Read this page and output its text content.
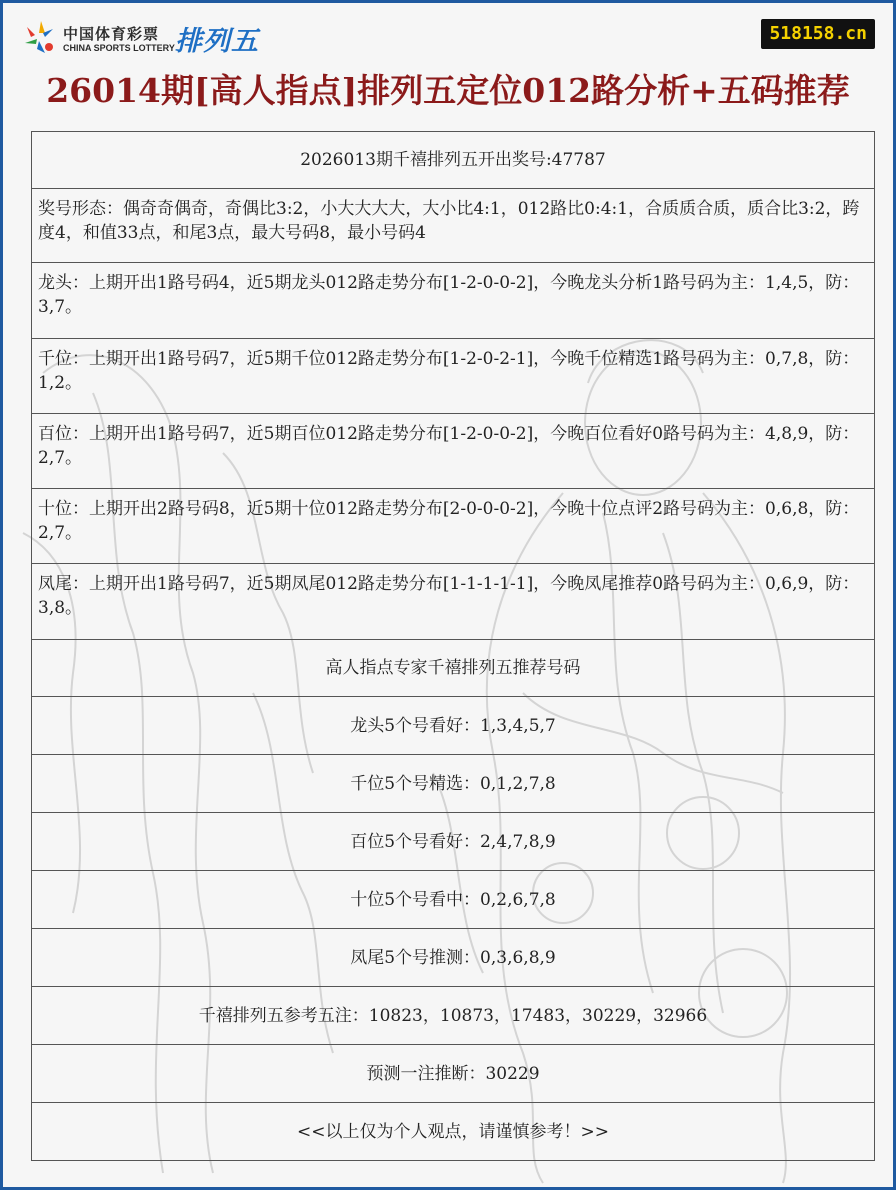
中国体育彩票
CHINA SPORTS LOTTERY 排列五	518158.cn
26014期[高人指点]排列五定位012路分析+五码推荐
2026013期千禧排列五开出奖号:47787
奖号形态：偶奇奇偶奇，奇偶比3:2，小大大大大，大小比4:1，012路比0:4:1，合质质合质，质合比3:2，跨度4，和值33点，和尾3点，最大号码8，最小号码4
龙头：上期开出1路号码4，近5期龙头012路走势分布[1-2-0-0-2]，今晚龙头分析1路号码为主：1,4,5，防：3,7。
千位：上期开出1路号码7，近5期千位012路走势分布[1-2-0-2-1]，今晚千位精选1路号码为主：0,7,8，防：1,2。
百位：上期开出1路号码7，近5期百位012路走势分布[1-2-0-0-2]，今晚百位看好0路号码为主：4,8,9，防：2,7。
十位：上期开出2路号码8，近5期十位012路走势分布[2-0-0-0-2]，今晚十位点评2路号码为主：0,6,8，防：2,7。
凤尾：上期开出1路号码7，近5期凤尾012路走势分布[1-1-1-1-1]，今晚凤尾推荐0路号码为主：0,6,9，防：3,8。
高人指点专家千禧排列五推荐号码
龙头5个号看好：1,3,4,5,7
千位5个号精选：0,1,2,7,8
百位5个号看好：2,4,7,8,9
十位5个号看中：0,2,6,7,8
凤尾5个号推测：0,3,6,8,9
千禧排列五参考五注：10823，10873，17483，30229，32966
预测一注推断：30229
<<以上仅为个人观点，请谨慎参考！>>
